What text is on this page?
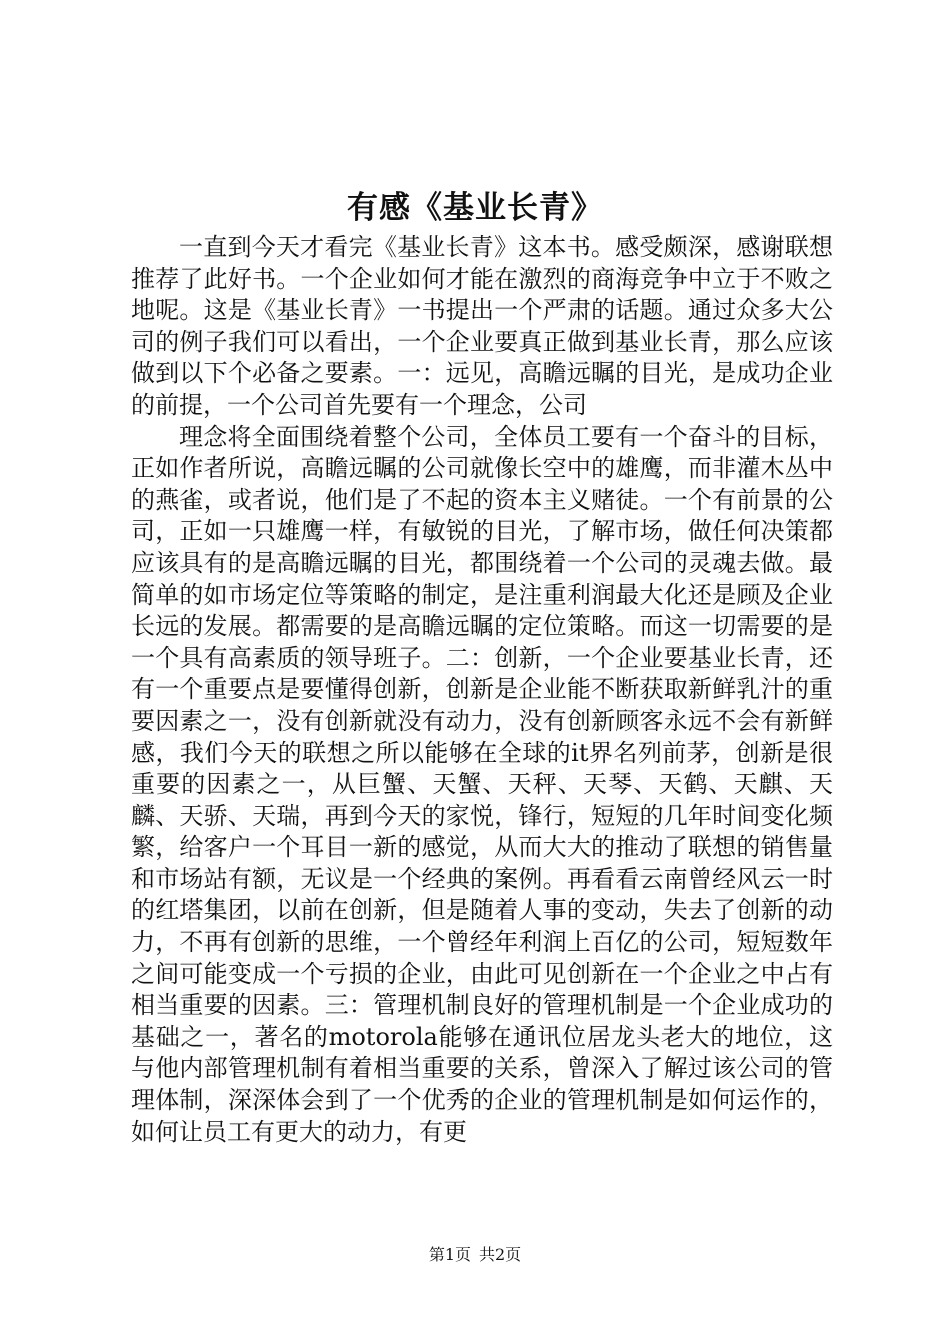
有感《基业长青》

一直到今天才看完《基业长青》这本书。感受颇深，感谢联想推荐了此好书。一个企业如何才能在激烈的商海竞争中立于不败之地呢。这是《基业长青》一书提出一个严肃的话题。通过众多大公司的例子我们可以看出，一个企业要真正做到基业长青，那么应该做到以下个必备之要素。一：远见，高瞻远瞩的目光，是成功企业的前提，一个公司首先要有一个理念，公司

理念将全面围绕着整个公司，全体员工要有一个奋斗的目标，正如作者所说，高瞻远瞩的公司就像长空中的雄鹰，而非灌木丛中的燕雀，或者说，他们是了不起的资本主义赌徒。一个有前景的公司，正如一只雄鹰一样，有敏锐的目光，了解市场，做任何决策都应该具有的是高瞻远瞩的目光，都围绕着一个公司的灵魂去做。最简单的如市场定位等策略的制定，是注重利润最大化还是顾及企业长远的发展。都需要的是高瞻远瞩的定位策略。而这一切需要的是一个具有高素质的领导班子。二：创新，一个企业要基业长青，还有一个重要点是要懂得创新，创新是企业能不断获取新鲜乳汁的重要因素之一，没有创新就没有动力，没有创新顾客永远不会有新鲜感，我们今天的联想之所以能够在全球的it界名列前茅，创新是很重要的因素之一，从巨蟹、天蟹、天秤、天琴、天鹤、天麒、天麟、天骄、天瑞，再到今天的家悦，锋行，短短的几年时间变化频繁，给客户一个耳目一新的感觉，从而大大的推动了联想的销售量和市场站有额，无议是一个经典的案例。再看看云南曾经风云一时的红塔集团，以前在创新，但是随着人事的变动，失去了创新的动力，不再有创新的思维，一个曾经年利润上百亿的公司，短短数年之间可能变成一个亏损的企业，由此可见创新在一个企业之中占有相当重要的因素。三：管理机制良好的管理机制是一个企业成功的基础之一，著名的motorola能够在通讯位居龙头老大的地位，这与他内部管理机制有着相当重要的关系，曾深入了解过该公司的管理体制，深深体会到了一个优秀的企业的管理机制是如何运作的，如何让员工有更大的动力，有更

第1页 共2页
